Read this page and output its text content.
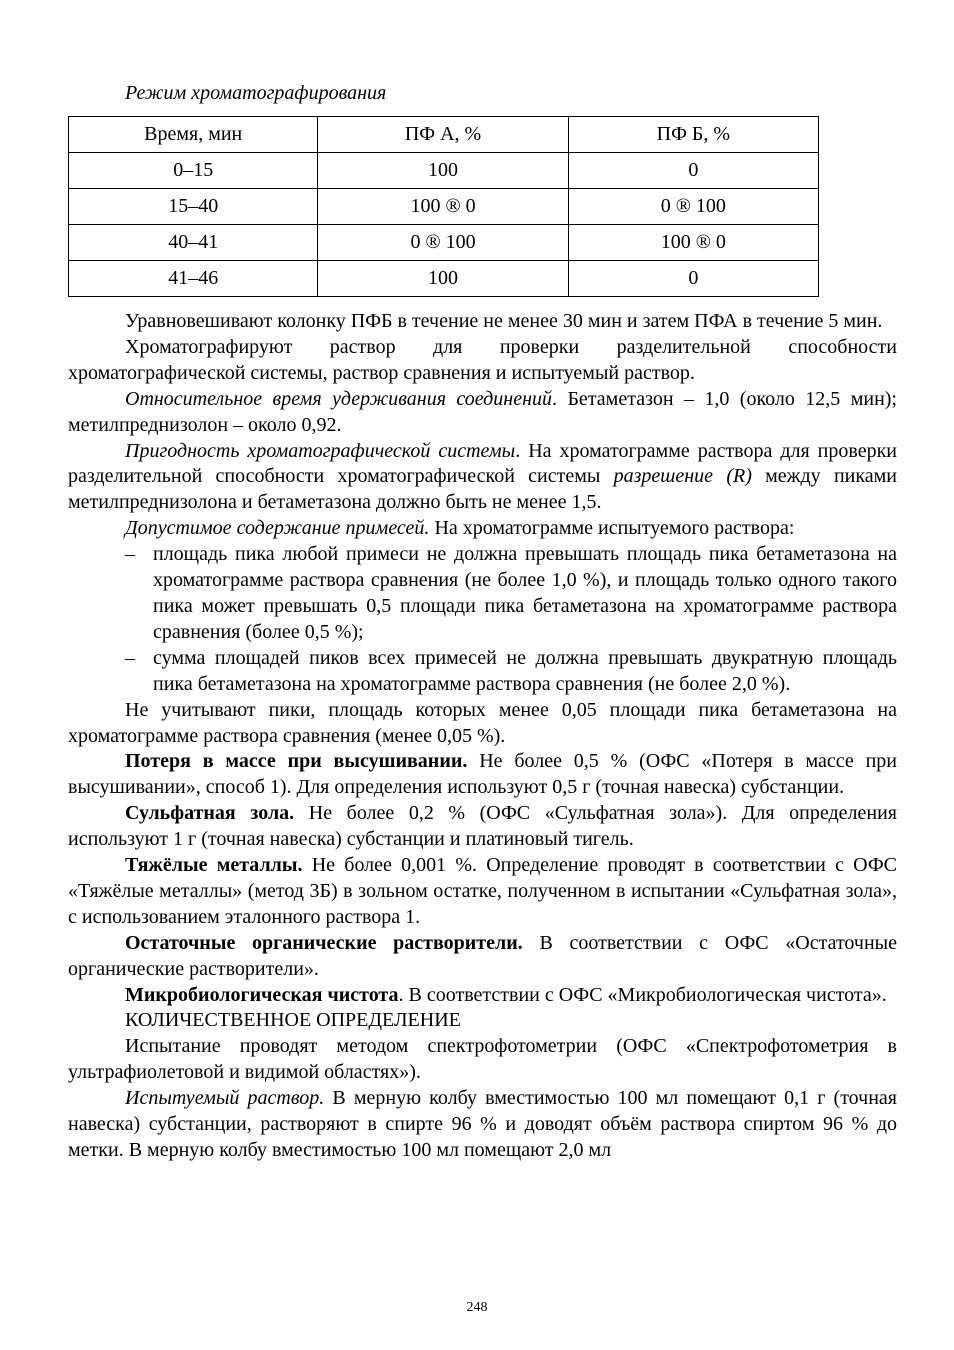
Режим хроматографирования
Время, мин	ПФ А, %	ПФ Б, %
0–15	100	0
15–40	100 ® 0	0 ® 100
40–41	0 ® 100	100 ® 0
41–46	100	0

Уравновешивают колонку ПФБ в течение не менее 30 мин и затем ПФА в течение 5 мин.

Хроматографируют раствор для проверки разделительной способности хроматографической системы, раствор сравнения и испытуемый раствор.

Относительное время удерживания соединений. Бетаметазон – 1,0 (около 12,5 мин); метилпреднизолон – около 0,92.

Пригодность хроматографической системы. На хроматограмме раствора для проверки разделительной способности хроматографической системы разрешение (R) между пиками метилпреднизолона и бетаметазона должно быть не менее 1,5.

Допустимое содержание примесей. На хроматограмме испытуемого раствора:

– площадь пика любой примеси не должна превышать площадь пика бетаметазона на хроматограмме раствора сравнения (не более 1,0 %), и площадь только одного такого пика может превышать 0,5 площади пика бетаметазона на хроматограмме раствора сравнения (более 0,5 %);
– сумма площадей пиков всех примесей не должна превышать двукратную площадь пика бетаметазона на хроматограмме раствора сравнения (не более 2,0 %).

Не учитывают пики, площадь которых менее 0,05 площади пика бетаметазона на хроматограмме раствора сравнения (менее 0,05 %).

Потеря в массе при высушивании. Не более 0,5 % (ОФС «Потеря в массе при высушивании», способ 1). Для определения используют 0,5 г (точная навеска) субстанции.

Сульфатная зола. Не более 0,2 % (ОФС «Сульфатная зола»). Для определения используют 1 г (точная навеска) субстанции и платиновый тигель.

Тяжёлые металлы. Не более 0,001 %. Определение проводят в соответствии с ОФС «Тяжёлые металлы» (метод 3Б) в зольном остатке, полученном в испытании «Сульфатная зола», с использованием эталонного раствора 1.

Остаточные органические растворители. В соответствии с ОФС «Остаточные органические растворители».

Микробиологическая чистота. В соответствии с ОФС «Микробиологическая чистота».

КОЛИЧЕСТВЕННОЕ ОПРЕДЕЛЕНИЕ

Испытание проводят методом спектрофотометрии (ОФС «Спектрофотометрия в ультрафиолетовой и видимой областях»).

Испытуемый раствор. В мерную колбу вместимостью 100 мл помещают 0,1 г (точная навеска) субстанции, растворяют в спирте 96 % и доводят объём раствора спиртом 96 % до метки. В мерную колбу вместимостью 100 мл помещают 2,0 мл

248
